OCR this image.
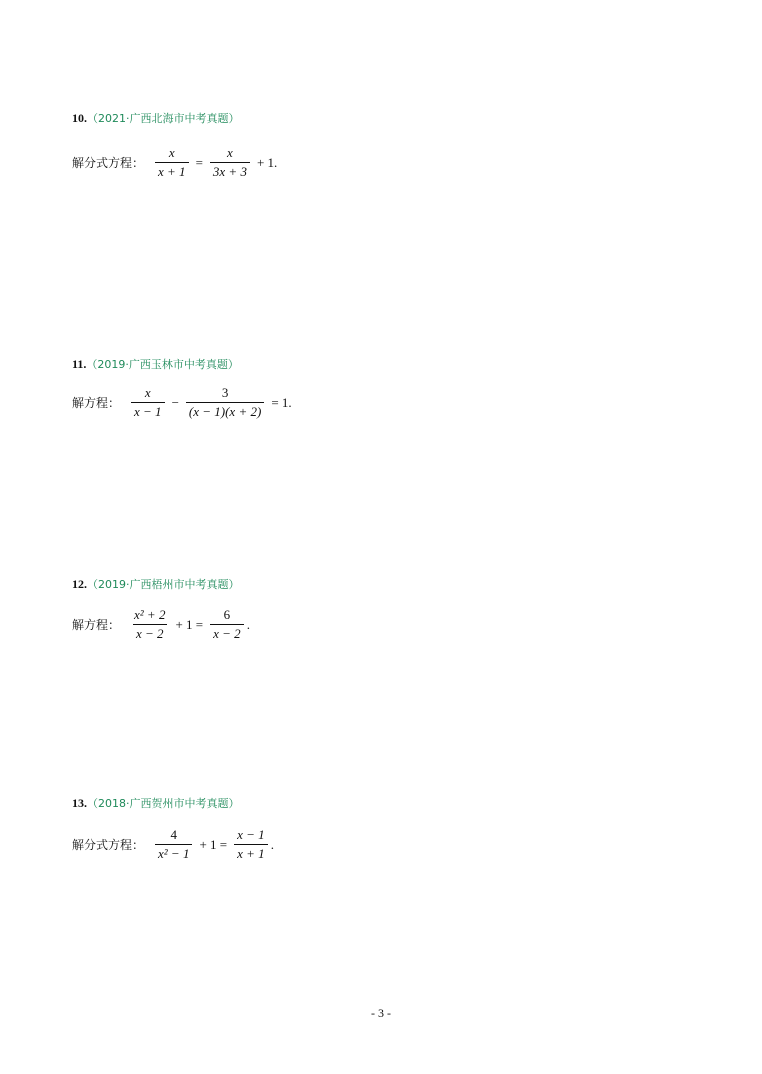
10.（2021·广西北海市中考真题）
解分式方程： $\frac{x}{x + 1} = \frac{x}{3x + 3} + 1$.
11.（2019·广西玉林市中考真题）
解方程： $\frac{x}{x - 1} - \frac{3}{(x - 1)(x + 2)} = 1$.
12.（2019·广西梧州市中考真题）
解方程： $\frac{\text{x² + 2}}{x - 2} + 1 = \frac{6}{x - 2}$ .
13.（2018·广西贺州市中考真题）
解分式方程： $\frac{4}{\text{x² − 1}} + 1 = \frac{x - 1}{x + 1}$ .
- 3 -
